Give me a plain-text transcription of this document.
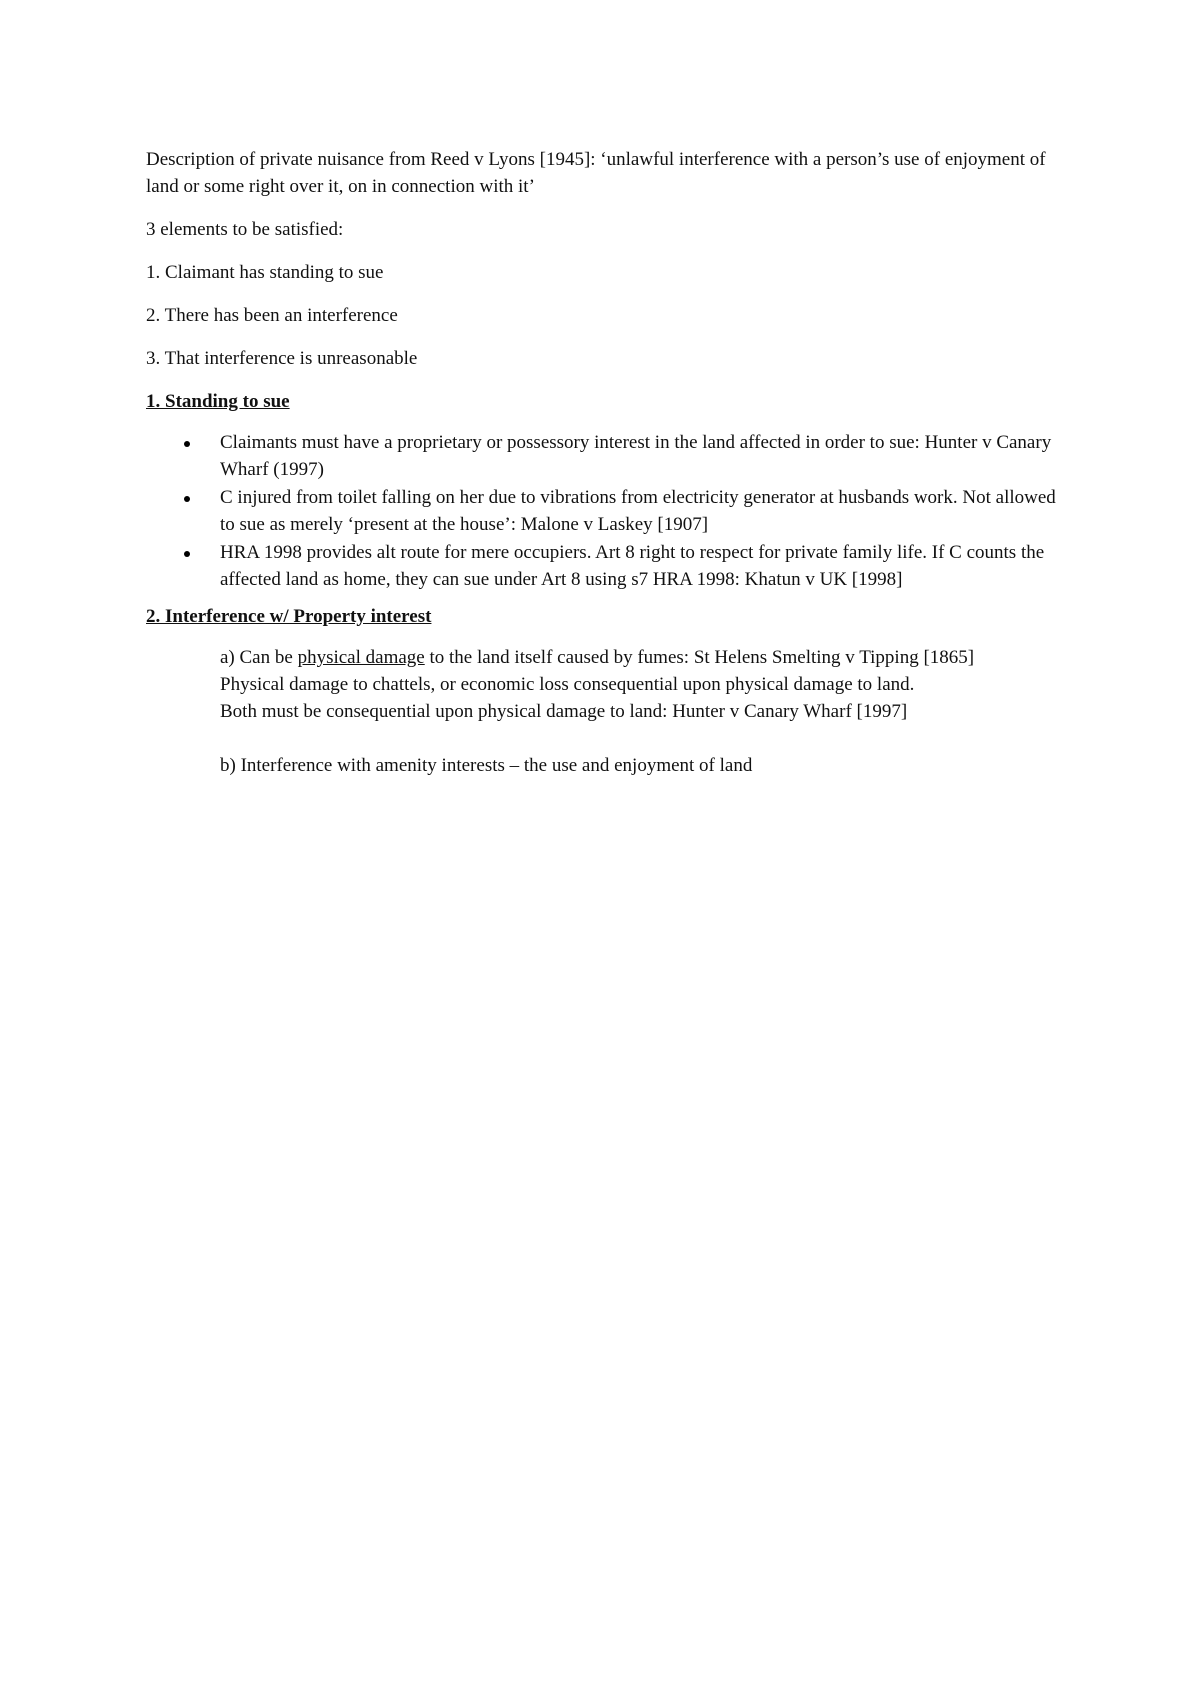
Description of private nuisance from Reed v Lyons [1945]: ‘unlawful interference with a person’s use of enjoyment of land or some right over it, on in connection with it’

3 elements to be satisfied:

1. Claimant has standing to sue

2. There has been an interference

3. That interference is unreasonable

1. Standing to sue

Claimants must have a proprietary or possessory interest in the land affected in order to sue: Hunter v Canary Wharf (1997)
C injured from toilet falling on her due to vibrations from electricity generator at husbands work. Not allowed to sue as merely ‘present at the house’: Malone v Laskey [1907]
HRA 1998 provides alt route for mere occupiers. Art 8 right to respect for private family life. If C counts the affected land as home, they can sue under Art 8 using s7 HRA 1998: Khatun v UK [1998]

2. Interference w/ Property interest

a) Can be physical damage to the land itself caused by fumes: St Helens Smelting v Tipping [1865]

Physical damage to chattels, or economic loss consequential upon physical damage to land.

Both must be consequential upon physical damage to land: Hunter v Canary Wharf [1997]

b) Interference with amenity interests – the use and enjoyment of land
